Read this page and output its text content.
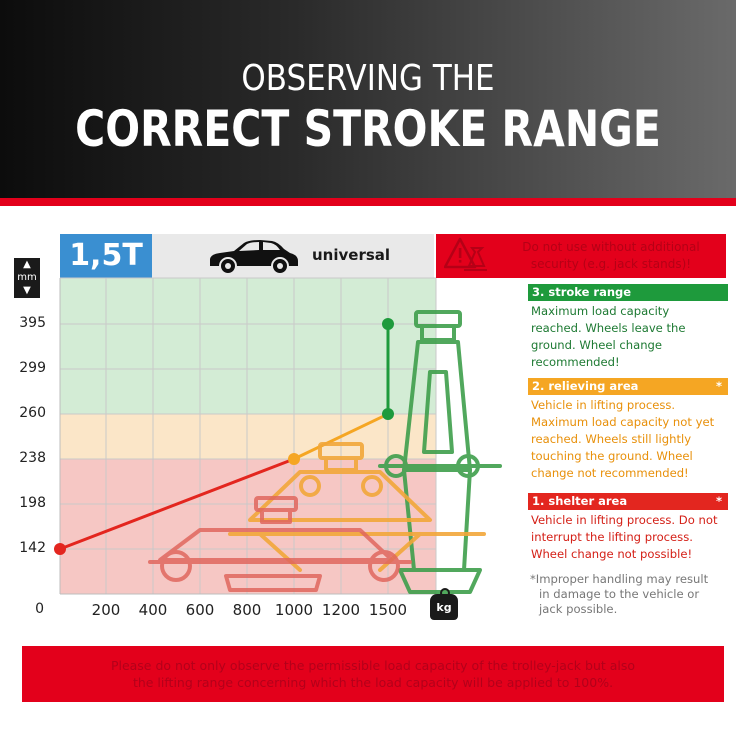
OBSERVING THE
CORRECT STROKE RANGE
1,5T	universal	Do not use without additional security (e.g. jack stands)!
▲
mm
▼
kg
3. stroke range
Maximum load capacity
reached. Wheels leave the
ground. Wheel change
recommended!
2. relieving area	*
Vehicle in lifting process.
Maximum load capacity not yet
reached. Wheels still lightly
touching the ground. Wheel
change not recommended!
1. shelter area	*
Vehicle in lifting process. Do not
interrupt the lifting process.
Wheel change not possible!
*Improper handling may result
in damage to the vehicle or
jack possible.
Please do not only observe the permissible load capacity of the trolley-jack but also
the lifting range concerning which the load capacity will be applied to 100%.
395
299
260
238
198
142
0	200	400	600	800 1000 1200 1500
